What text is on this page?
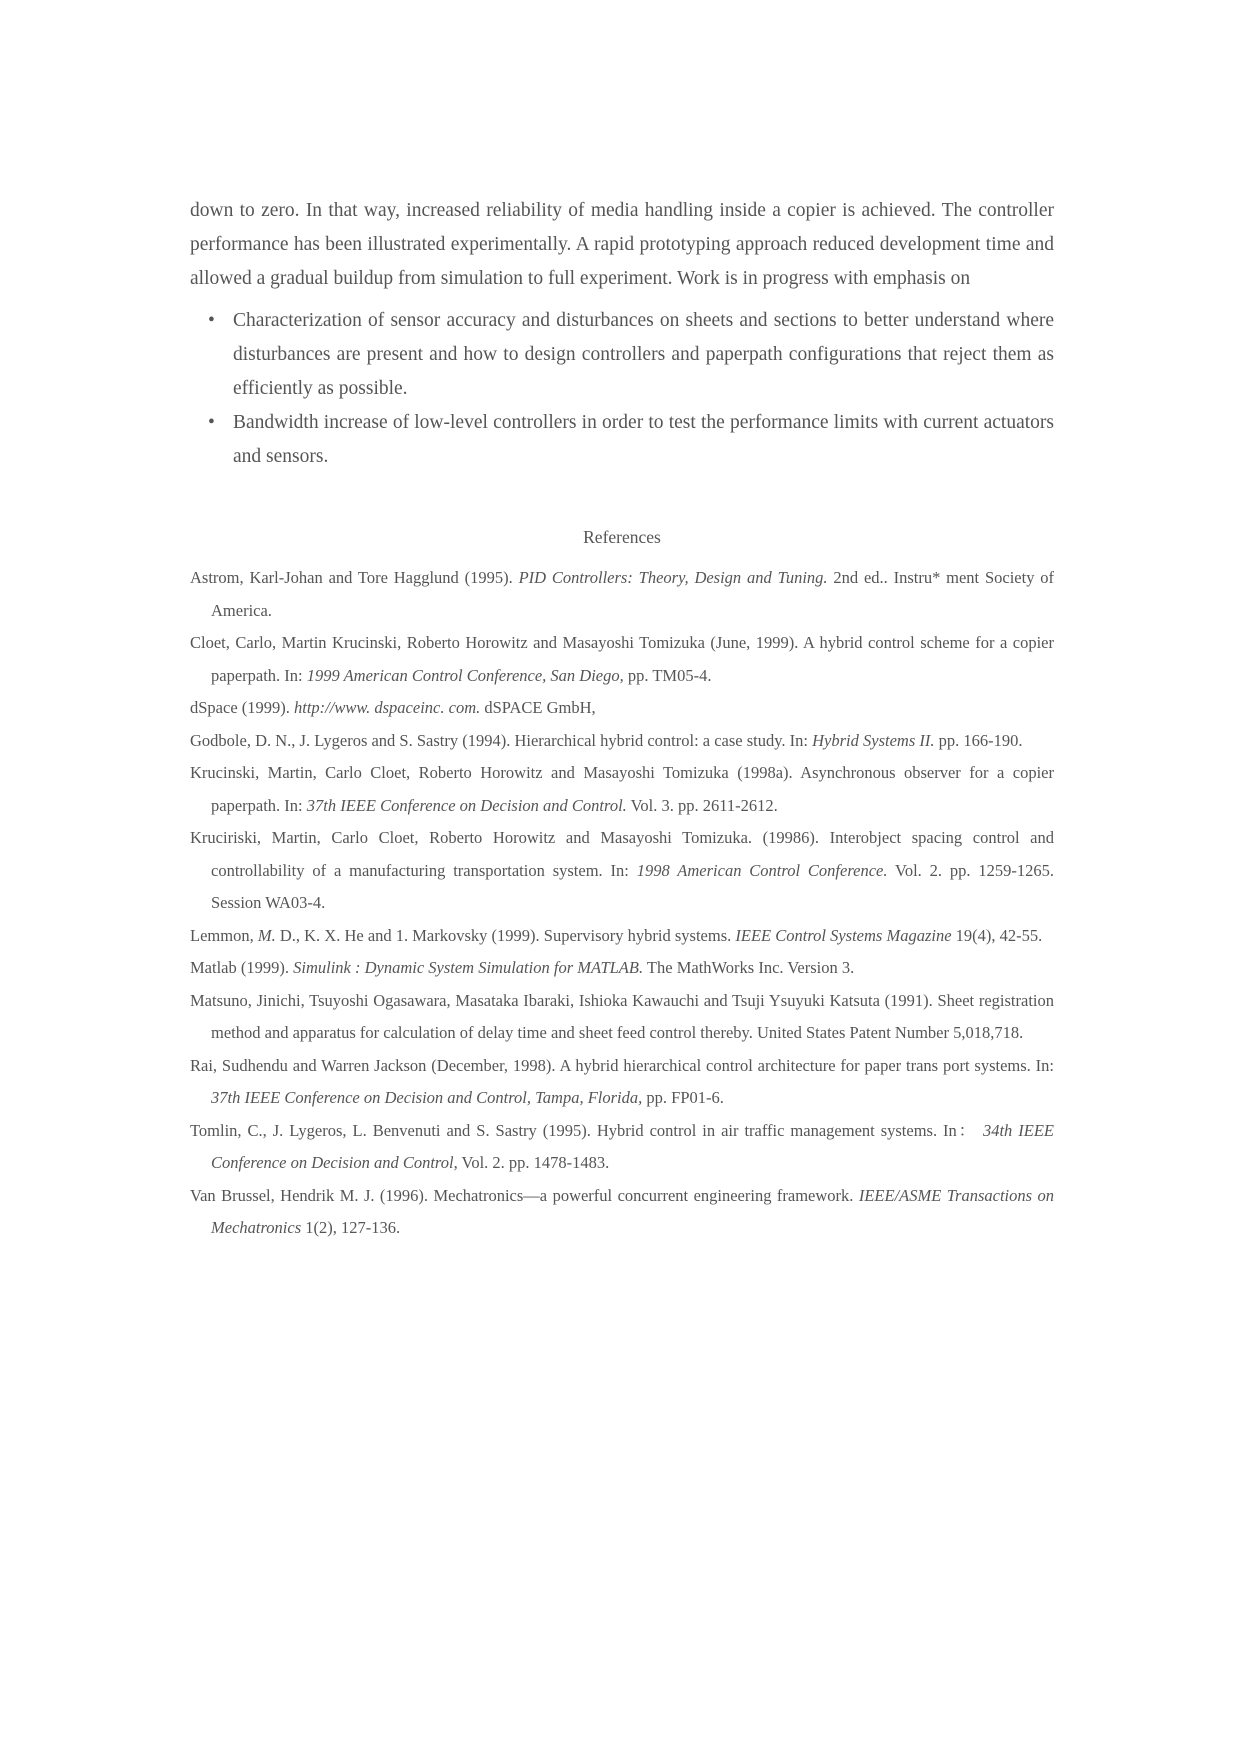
down to zero. In that way, increased reliability of media handling inside a copier is achieved. The controller performance has been illustrated experimentally. A rapid prototyping approach reduced development time and allowed a gradual buildup from simulation to full experiment. Work is in progress with emphasis on

• Characterization of sensor accuracy and disturbances on sheets and sections to better understand where disturbances are present and how to design controllers and paperpath configurations that reject them as efficiently as possible.
• Bandwidth increase of low-level controllers in order to test the performance limits with current actuators and sensors.
References

Astrom, Karl-Johan and Tore Hagglund (1995). PID Controllers: Theory, Design and Tuning. 2nd ed.. Instru* ment Society of America.

Cloet, Carlo, Martin Krucinski, Roberto Horowitz and Masayoshi Tomizuka (June, 1999). A hybrid control scheme for a copier paperpath. In: 1999 American Control Conference, San Diego, pp. TM05-4.

dSpace (1999). http://www. dspaceinc. com. dSPACE GmbH,

Godbole, D. N., J. Lygeros and S. Sastry (1994). Hierarchical hybrid control: a case study. In: Hybrid Systems II. pp. 166-190.

Krucinski, Martin, Carlo Cloet, Roberto Horowitz and Masayoshi Tomizuka (1998a). Asynchronous observer for a copier paperpath. In: 37th IEEE Conference on Decision and Control. Vol. 3. pp. 2611-2612.

Kruciriski, Martin, Carlo Cloet, Roberto Horowitz and Masayoshi Tomizuka. (19986). Interobject spacing control and controllability of a manufacturing transportation system. In: 1998 American Control Conference. Vol. 2. pp. 1259-1265. Session WA03-4.

Lemmon, M. D., K. X. He and 1. Markovsky (1999). Supervisory hybrid systems. IEEE Control Systems Magazine 19(4), 42-55.

Matlab (1999). Simulink : Dynamic System Simulation for MATLAB. The MathWorks Inc. Version 3.

Matsuno, Jinichi, Tsuyoshi Ogasawara, Masataka Ibaraki, Ishioka Kawauchi and Tsuji Ysuyuki Katsuta (1991). Sheet registration method and apparatus for calculation of delay time and sheet feed control thereby. United States Patent Number 5,018,718.

Rai, Sudhendu and Warren Jackson (December, 1998). A hybrid hierarchical control architecture for paper trans port systems. In: 37th IEEE Conference on Decision and Control, Tampa, Florida, pp. FP01-6.

Tomlin, C., J. Lygeros, L. Benvenuti and S. Sastry (1995). Hybrid control in air traffic management systems. In： 34th IEEE Conference on Decision and Control, Vol. 2. pp. 1478-1483.

Van Brussel, Hendrik M. J. (1996). Mechatronics—a powerful concurrent engineering framework. IEEE/ASME Transactions on Mechatronics 1(2), 127-136.
